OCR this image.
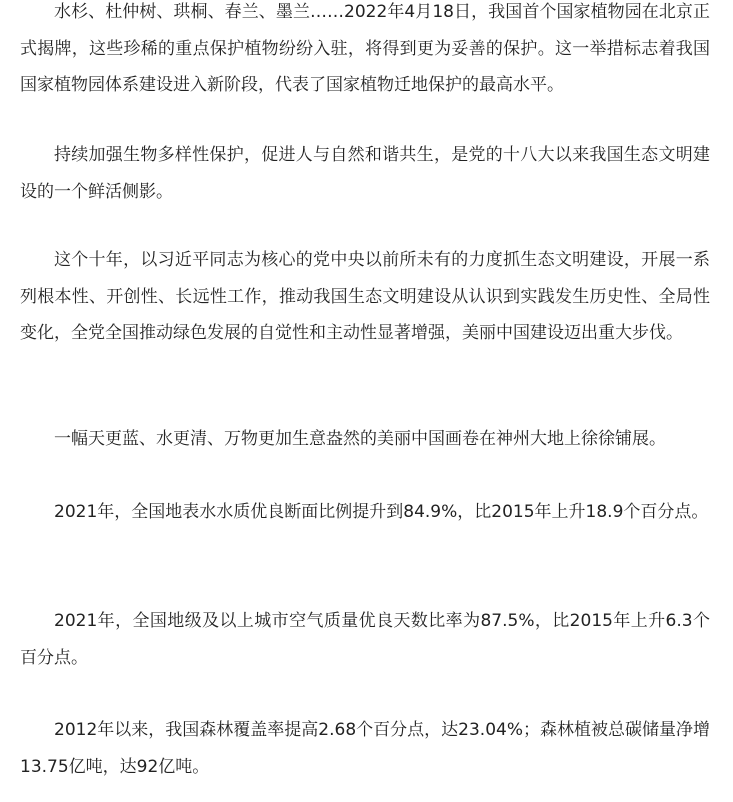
水杉、杜仲树、珙桐、春兰、墨兰……2022年4月18日，我国首个国家植物园在北京正式揭牌，这些珍稀的重点保护植物纷纷入驻，将得到更为妥善的保护。这一举措标志着我国国家植物园体系建设进入新阶段，代表了国家植物迁地保护的最高水平。

持续加强生物多样性保护，促进人与自然和谐共生，是党的十八大以来我国生态文明建设的一个鲜活侧影。

这个十年，以习近平同志为核心的党中央以前所未有的力度抓生态文明建设，开展一系列根本性、开创性、长远性工作，推动我国生态文明建设从认识到实践发生历史性、全局性变化，全党全国推动绿色发展的自觉性和主动性显著增强，美丽中国建设迈出重大步伐。

一幅天更蓝、水更清、万物更加生意盎然的美丽中国画卷在神州大地上徐徐铺展。

2021年，全国地表水水质优良断面比例提升到84.9%，比2015年上升18.9个百分点。

2021年，全国地级及以上城市空气质量优良天数比率为87.5%，比2015年上升6.3个百分点。

2012年以来，我国森林覆盖率提高2.68个百分点，达23.04%；森林植被总碳储量净增13.75亿吨，达92亿吨。
